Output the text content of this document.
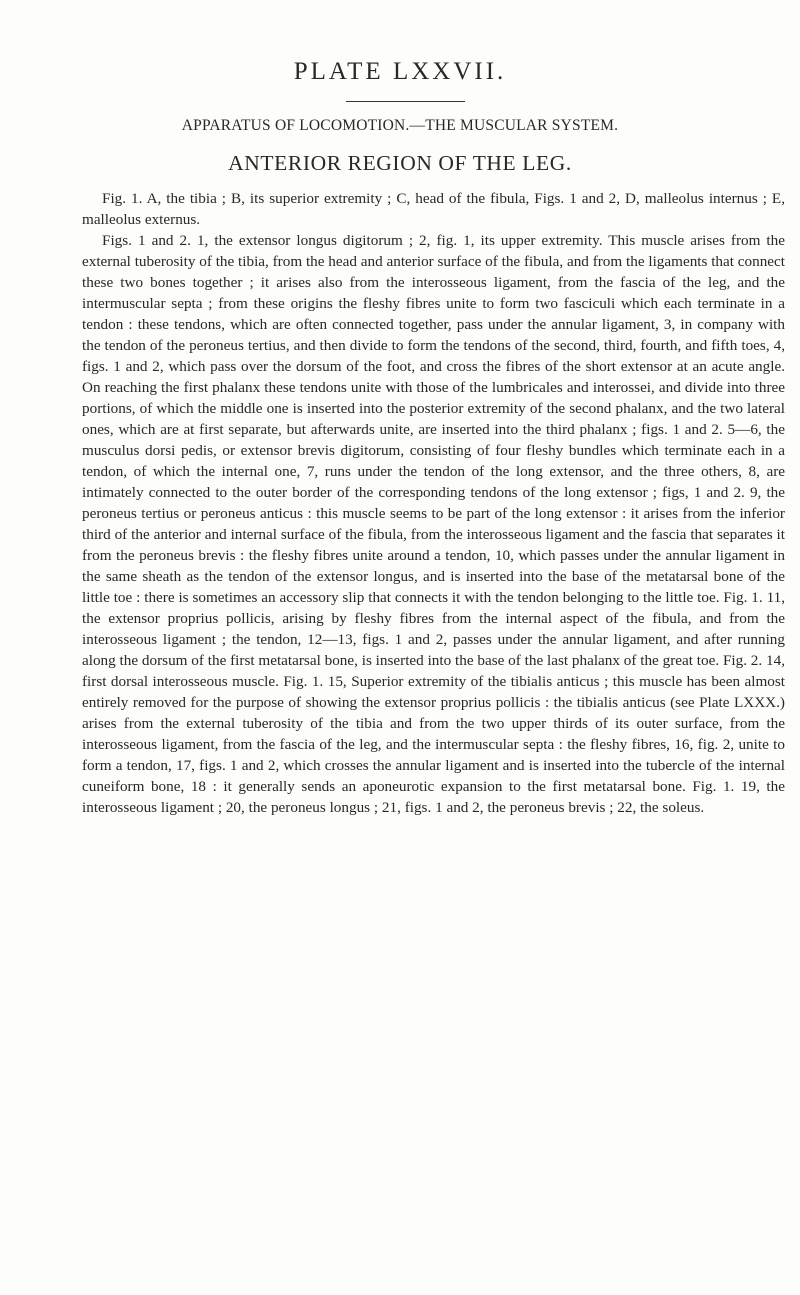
PLATE LXXVII.
APPARATUS OF LOCOMOTION.—THE MUSCULAR SYSTEM.
ANTERIOR REGION OF THE LEG.

Fig. 1. A, the tibia ; B, its superior extremity ; C, head of the fibula, Figs. 1 and 2, D, malleolus internus ; E, malleolus externus.

Figs. 1 and 2. 1, the extensor longus digitorum ; 2, fig. 1, its upper extremity. This muscle arises from the external tuberosity of the tibia, from the head and anterior surface of the fibula, and from the ligaments that connect these two bones together ; it arises also from the interosseous ligament, from the fascia of the leg, and the intermuscular septa ; from these origins the fleshy fibres unite to form two fasciculi which each terminate in a tendon : these tendons, which are often connected together, pass under the annular ligament, 3, in company with the tendon of the peroneus tertius, and then divide to form the tendons of the second, third, fourth, and fifth toes, 4, figs. 1 and 2, which pass over the dorsum of the foot, and cross the fibres of the short extensor at an acute angle. On reaching the first phalanx these tendons unite with those of the lumbricales and interossei, and divide into three portions, of which the middle one is inserted into the posterior extremity of the second phalanx, and the two lateral ones, which are at first separate, but afterwards unite, are inserted into the third phalanx ; figs. 1 and 2. 5—6, the musculus dorsi pedis, or extensor brevis digitorum, consisting of four fleshy bundles which terminate each in a tendon, of which the internal one, 7, runs under the tendon of the long extensor, and the three others, 8, are intimately connected to the outer border of the corresponding tendons of the long extensor ; figs, 1 and 2. 9, the peroneus tertius or peroneus anticus : this muscle seems to be part of the long extensor : it arises from the inferior third of the anterior and internal surface of the fibula, from the interosseous ligament and the fascia that separates it from the peroneus brevis : the fleshy fibres unite around a tendon, 10, which passes under the annular ligament in the same sheath as the tendon of the extensor longus, and is inserted into the base of the metatarsal bone of the little toe : there is sometimes an accessory slip that connects it with the tendon belonging to the little toe. Fig. 1. 11, the extensor proprius pollicis, arising by fleshy fibres from the internal aspect of the fibula, and from the interosseous ligament ; the tendon, 12—13, figs. 1 and 2, passes under the annular ligament, and after running along the dorsum of the first metatarsal bone, is inserted into the base of the last phalanx of the great toe. Fig. 2. 14, first dorsal interosseous muscle. Fig. 1. 15, Superior extremity of the tibialis anticus ; this muscle has been almost entirely removed for the purpose of showing the extensor proprius pollicis : the tibialis anticus (see Plate LXXX.) arises from the external tuberosity of the tibia and from the two upper thirds of its outer surface, from the interosseous ligament, from the fascia of the leg, and the intermuscular septa : the fleshy fibres, 16, fig. 2, unite to form a tendon, 17, figs. 1 and 2, which crosses the annular ligament and is inserted into the tubercle of the internal cuneiform bone, 18 : it generally sends an aponeurotic expansion to the first metatarsal bone. Fig. 1. 19, the interosseous ligament ; 20, the peroneus longus ; 21, figs. 1 and 2, the peroneus brevis ; 22, the soleus.
